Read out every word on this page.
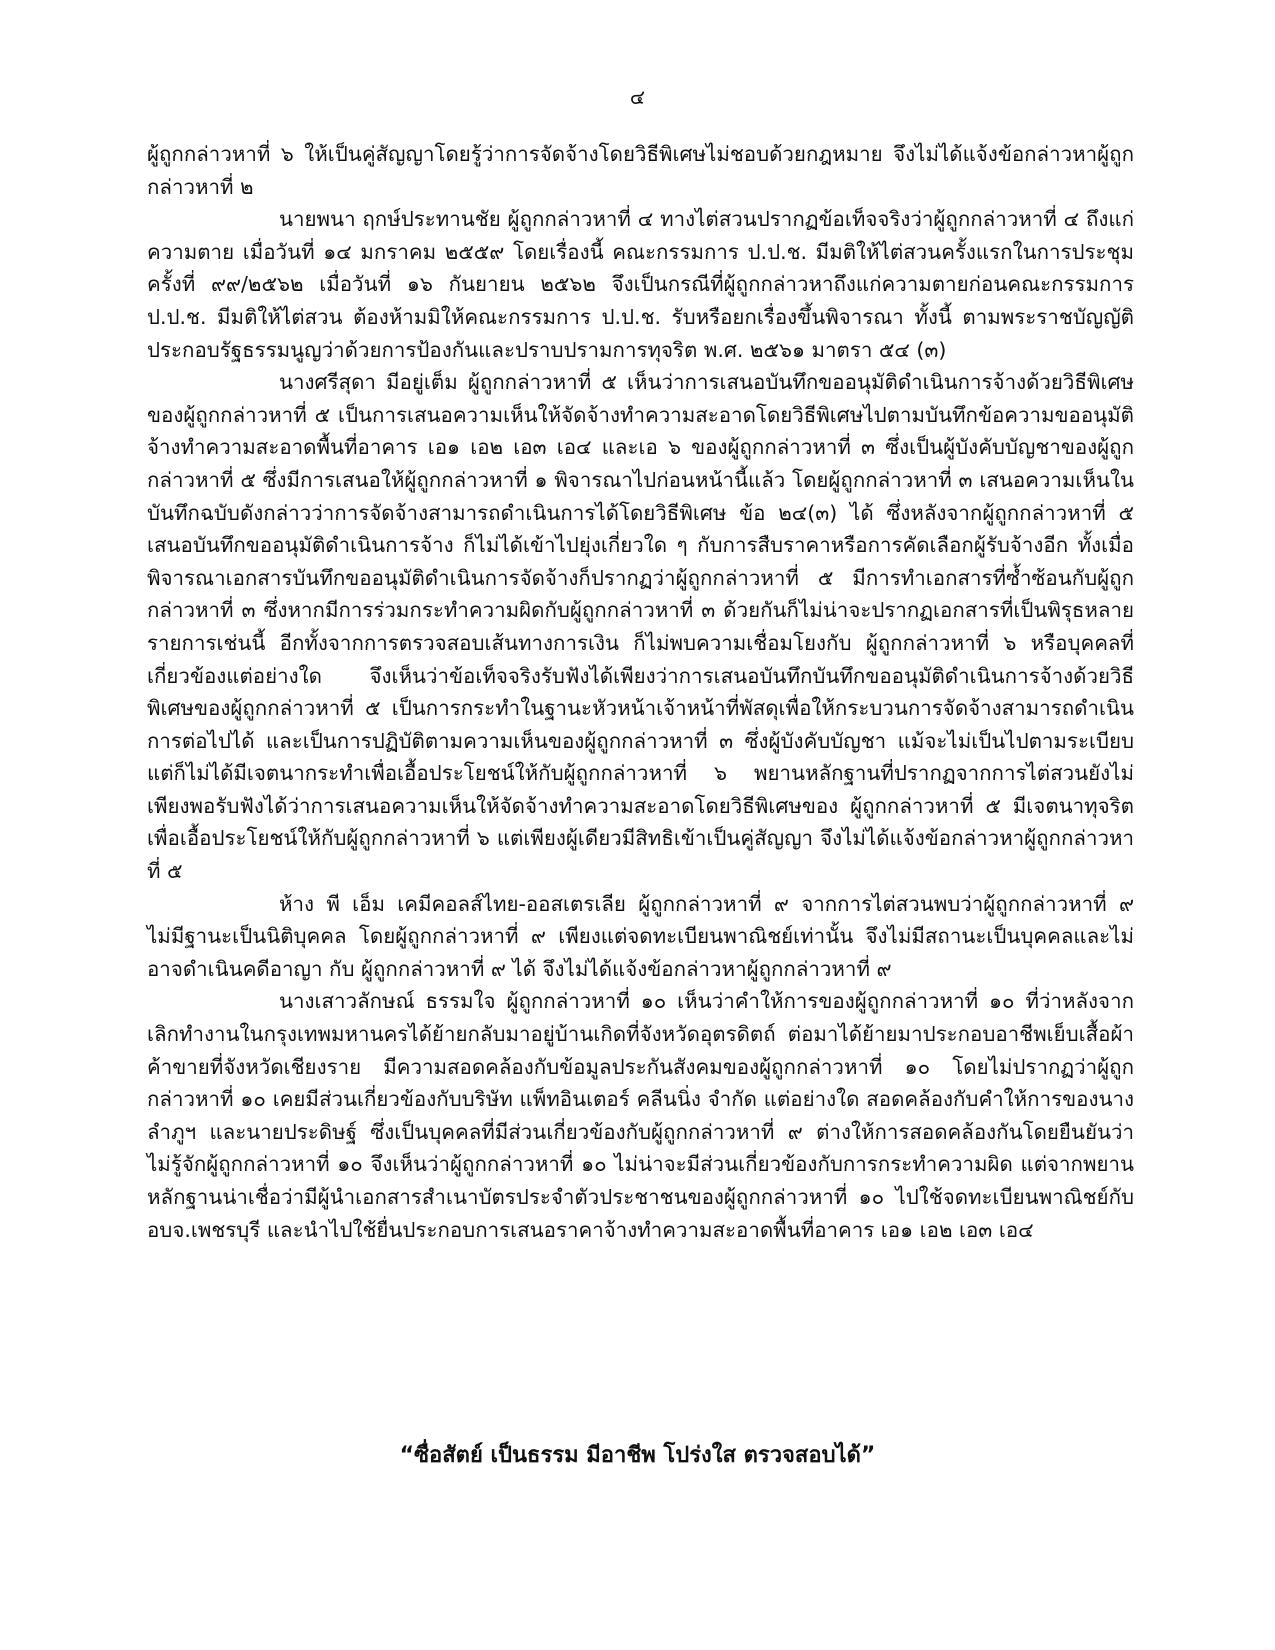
๔

ผู้ถูกกล่าวหาที่ ๖ ให้เป็นคู่สัญญาโดยรู้ว่าการจัดจ้างโดยวิธีพิเศษไม่ชอบด้วยกฎหมาย จึงไม่ได้แจ้งข้อกล่าวหาผู้ถูกกล่าวหาที่ ๒

นายพนา ฤกษ์ประทานชัย ผู้ถูกกล่าวหาที่ ๔ ทางไต่สวนปรากฏข้อเท็จจริงว่าผู้ถูกกล่าวหาที่ ๔ ถึงแก่ความตาย เมื่อวันที่ ๑๔ มกราคม ๒๕๕๙ โดยเรื่องนี้ คณะกรรมการ ป.ป.ช. มีมติให้ไต่สวนครั้งแรกในการประชุมครั้งที่ ๙๙/๒๕๖๒ เมื่อวันที่ ๑๖ กันยายน ๒๕๖๒ จึงเป็นกรณีที่ผู้ถูกกล่าวหาถึงแก่ความตายก่อนคณะกรรมการ ป.ป.ช. มีมติให้ไต่สวน ต้องห้ามมิให้คณะกรรมการ ป.ป.ช. รับหรือยกเรื่องขึ้นพิจารณา ทั้งนี้ ตามพระราชบัญญัติประกอบรัฐธรรมนูญว่าด้วยการป้องกันและปราบปรามการทุจริต พ.ศ. ๒๕๖๑ มาตรา ๕๔ (๓)

นางศรีสุดา มีอยู่เต็ม ผู้ถูกกล่าวหาที่ ๕ เห็นว่าการเสนอบันทึกขออนุมัติดำเนินการจ้างด้วยวิธีพิเศษของผู้ถูกกล่าวหาที่ ๕ เป็นการเสนอความเห็นให้จัดจ้างทำความสะอาดโดยวิธีพิเศษไปตามบันทึกข้อความขออนุมัติจ้างทำความสะอาดพื้นที่อาคาร เอ๑ เอ๒ เอ๓ เอ๔ และเอ ๖ ของผู้ถูกกล่าวหาที่ ๓ ซึ่งเป็นผู้บังคับบัญชาของผู้ถูกกล่าวหาที่ ๕ ซึ่งมีการเสนอให้ผู้ถูกกล่าวหาที่ ๑ พิจารณาไปก่อนหน้านี้แล้ว โดยผู้ถูกกล่าวหาที่ ๓ เสนอความเห็นในบันทึกฉบับดังกล่าวว่าการจัดจ้างสามารถดำเนินการได้โดยวิธีพิเศษ ข้อ ๒๔(๓) ได้ ซึ่งหลังจากผู้ถูกกล่าวหาที่ ๕ เสนอบันทึกขออนุมัติดำเนินการจ้าง ก็ไม่ได้เข้าไปยุ่งเกี่ยวใด ๆ กับการสืบราคาหรือการคัดเลือกผู้รับจ้างอีก ทั้งเมื่อพิจารณาเอกสารบันทึกขออนุมัติดำเนินการจัดจ้างก็ปรากฏว่าผู้ถูกกล่าวหาที่ ๕ มีการทำเอกสารที่ซ้ำซ้อนกับผู้ถูกกล่าวหาที่ ๓ ซึ่งหากมีการร่วมกระทำความผิดกับผู้ถูกกล่าวหาที่ ๓ ด้วยกันก็ไม่น่าจะปรากฏเอกสารที่เป็นพิรุธหลายรายการเช่นนี้ อีกทั้งจากการตรวจสอบเส้นทางการเงิน ก็ไม่พบความเชื่อมโยงกับ ผู้ถูกกล่าวหาที่ ๖ หรือบุคคลที่เกี่ยวข้องแต่อย่างใด จึงเห็นว่าข้อเท็จจริงรับฟังได้เพียงว่าการเสนอบันทึกบันทึกขออนุมัติดำเนินการจ้างด้วยวิธีพิเศษของผู้ถูกกล่าวหาที่ ๕ เป็นการกระทำในฐานะหัวหน้าเจ้าหน้าที่พัสดุเพื่อให้กระบวนการจัดจ้างสามารถดำเนินการต่อไปได้ และเป็นการปฏิบัติตามความเห็นของผู้ถูกกล่าวหาที่ ๓ ซึ่งผู้บังคับบัญชา แม้จะไม่เป็นไปตามระเบียบแต่ก็ไม่ได้มีเจตนากระทำเพื่อเอื้อประโยชน์ให้กับผู้ถูกกล่าวหาที่ ๖ พยานหลักฐานที่ปรากฏจากการไต่สวนยังไม่เพียงพอรับฟังได้ว่าการเสนอความเห็นให้จัดจ้างทำความสะอาดโดยวิธีพิเศษของ ผู้ถูกกล่าวหาที่ ๕ มีเจตนาทุจริตเพื่อเอื้อประโยชน์ให้กับผู้ถูกกล่าวหาที่ ๖ แต่เพียงผู้เดียวมีสิทธิเข้าเป็นคู่สัญญา จึงไม่ได้แจ้งข้อกล่าวหาผู้ถูกกล่าวหาที่ ๕

ห้าง พี เอ็ม เคมีคอลส์ไทย-ออสเตรเลีย ผู้ถูกกล่าวหาที่ ๙ จากการไต่สวนพบว่าผู้ถูกกล่าวหาที่ ๙ ไม่มีฐานะเป็นนิติบุคคล โดยผู้ถูกกล่าวหาที่ ๙ เพียงแต่จดทะเบียนพาณิชย์เท่านั้น จึงไม่มีสถานะเป็นบุคคลและไม่อาจดำเนินคดีอาญา กับ ผู้ถูกกล่าวหาที่ ๙ ได้ จึงไม่ได้แจ้งข้อกล่าวหาผู้ถูกกล่าวหาที่ ๙

นางเสาวลักษณ์ ธรรมใจ ผู้ถูกกล่าวหาที่ ๑๐ เห็นว่าคำให้การของผู้ถูกกล่าวหาที่ ๑๐ ที่ว่าหลังจากเลิกทำงานในกรุงเทพมหานครได้ย้ายกลับมาอยู่บ้านเกิดที่จังหวัดอุตรดิตถ์ ต่อมาได้ย้ายมาประกอบอาชีพเย็บเสื้อผ้าค้าขายที่จังหวัดเชียงราย มีความสอดคล้องกับข้อมูลประกันสังคมของผู้ถูกกล่าวหาที่ ๑๐ โดยไม่ปรากฏว่าผู้ถูกกล่าวหาที่ ๑๐ เคยมีส่วนเกี่ยวข้องกับบริษัท แพ็ทอินเตอร์ คลีนนิ่ง จำกัด แต่อย่างใด สอดคล้องกับคำให้การของนางลำภูฯ และนายประดิษฐ์ ซึ่งเป็นบุคคลที่มีส่วนเกี่ยวข้องกับผู้ถูกกล่าวหาที่ ๙ ต่างให้การสอดคล้องกันโดยยืนยันว่าไม่รู้จักผู้ถูกกล่าวหาที่ ๑๐ จึงเห็นว่าผู้ถูกกล่าวหาที่ ๑๐ ไม่น่าจะมีส่วนเกี่ยวข้องกับการกระทำความผิด แต่จากพยานหลักฐานน่าเชื่อว่ามีผู้นำเอกสารสำเนาบัตรประจำตัวประชาชนของผู้ถูกกล่าวหาที่ ๑๐ ไปใช้จดทะเบียนพาณิชย์กับ อบจ.เพชรบุรี และนำไปใช้ยื่นประกอบการเสนอราคาจ้างทำความสะอาดพื้นที่อาคาร เอ๑ เอ๒ เอ๓ เอ๔

“ซื่อสัตย์ เป็นธรรม มีอาชีพ โปร่งใส ตรวจสอบได้”
